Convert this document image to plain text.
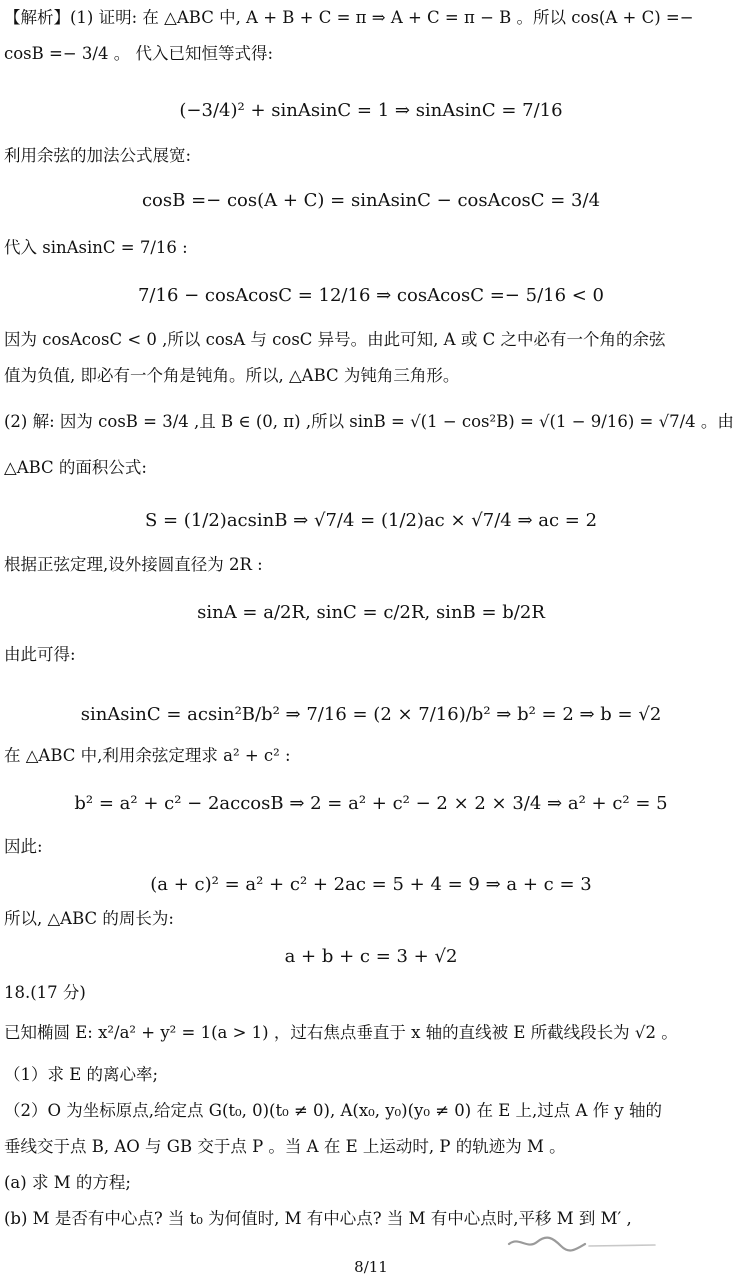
【解析】(1) 证明: 在 △ABC 中, A + B + C = π ⇒ A + C = π − B 。所以 cos(A + C) =−
cosB =− 3/4 。 代入已知恒等式得:
(−3/4)² + sinAsinC = 1 ⇒ sinAsinC = 7/16
利用余弦的加法公式展宽:
cosB =− cos(A + C) = sinAsinC − cosAcosC = 3/4
代入 sinAsinC = 7/16 :
7/16 − cosAcosC = 12/16 ⇒ cosAcosC =− 5/16 < 0
因为 cosAcosC < 0 ,所以 cosA 与 cosC 异号。由此可知, A 或 C 之中必有一个角的余弦
值为负值, 即必有一个角是钝角。所以, △ABC 为钝角三角形。
(2) 解: 因为 cosB = 3/4 ,且 B ∈ (0, π) ,所以 sinB = √(1 − cos²B) = √(1 − 9/16) = √7/4 。由
△ABC 的面积公式:
S = (1/2)acsinB ⇒ √7/4 = (1/2)ac × √7/4 ⇒ ac = 2
根据正弦定理,设外接圆直径为 2R :
sinA = a/2R, sinC = c/2R, sinB = b/2R
由此可得:
sinAsinC = acsin²B/b² ⇒ 7/16 = (2 × 7/16)/b² ⇒ b² = 2 ⇒ b = √2
在 △ABC 中,利用余弦定理求 a² + c² :
b² = a² + c² − 2accosB ⇒ 2 = a² + c² − 2 × 2 × 3/4 ⇒ a² + c² = 5
因此:
(a + c)² = a² + c² + 2ac = 5 + 4 = 9 ⇒ a + c = 3
所以, △ABC 的周长为:
a + b + c = 3 + √2
18.(17 分)
已知椭圆 E: x²/a² + y² = 1(a > 1) ，过右焦点垂直于 x 轴的直线被 E 所截线段长为 √2 。
（1）求 E 的离心率;
（2）O 为坐标原点,给定点 G(t₀, 0)(t₀ ≠ 0), A(x₀, y₀)(y₀ ≠ 0) 在 E 上,过点 A 作 y 轴的
垂线交于点 B, AO 与 GB 交于点 P 。当 A 在 E 上运动时, P 的轨迹为 M 。
(a) 求 M 的方程;
(b) M 是否有中心点? 当 t₀ 为何值时, M 有中心点? 当 M 有中心点时,平移 M 到 M′ ,
8/11
